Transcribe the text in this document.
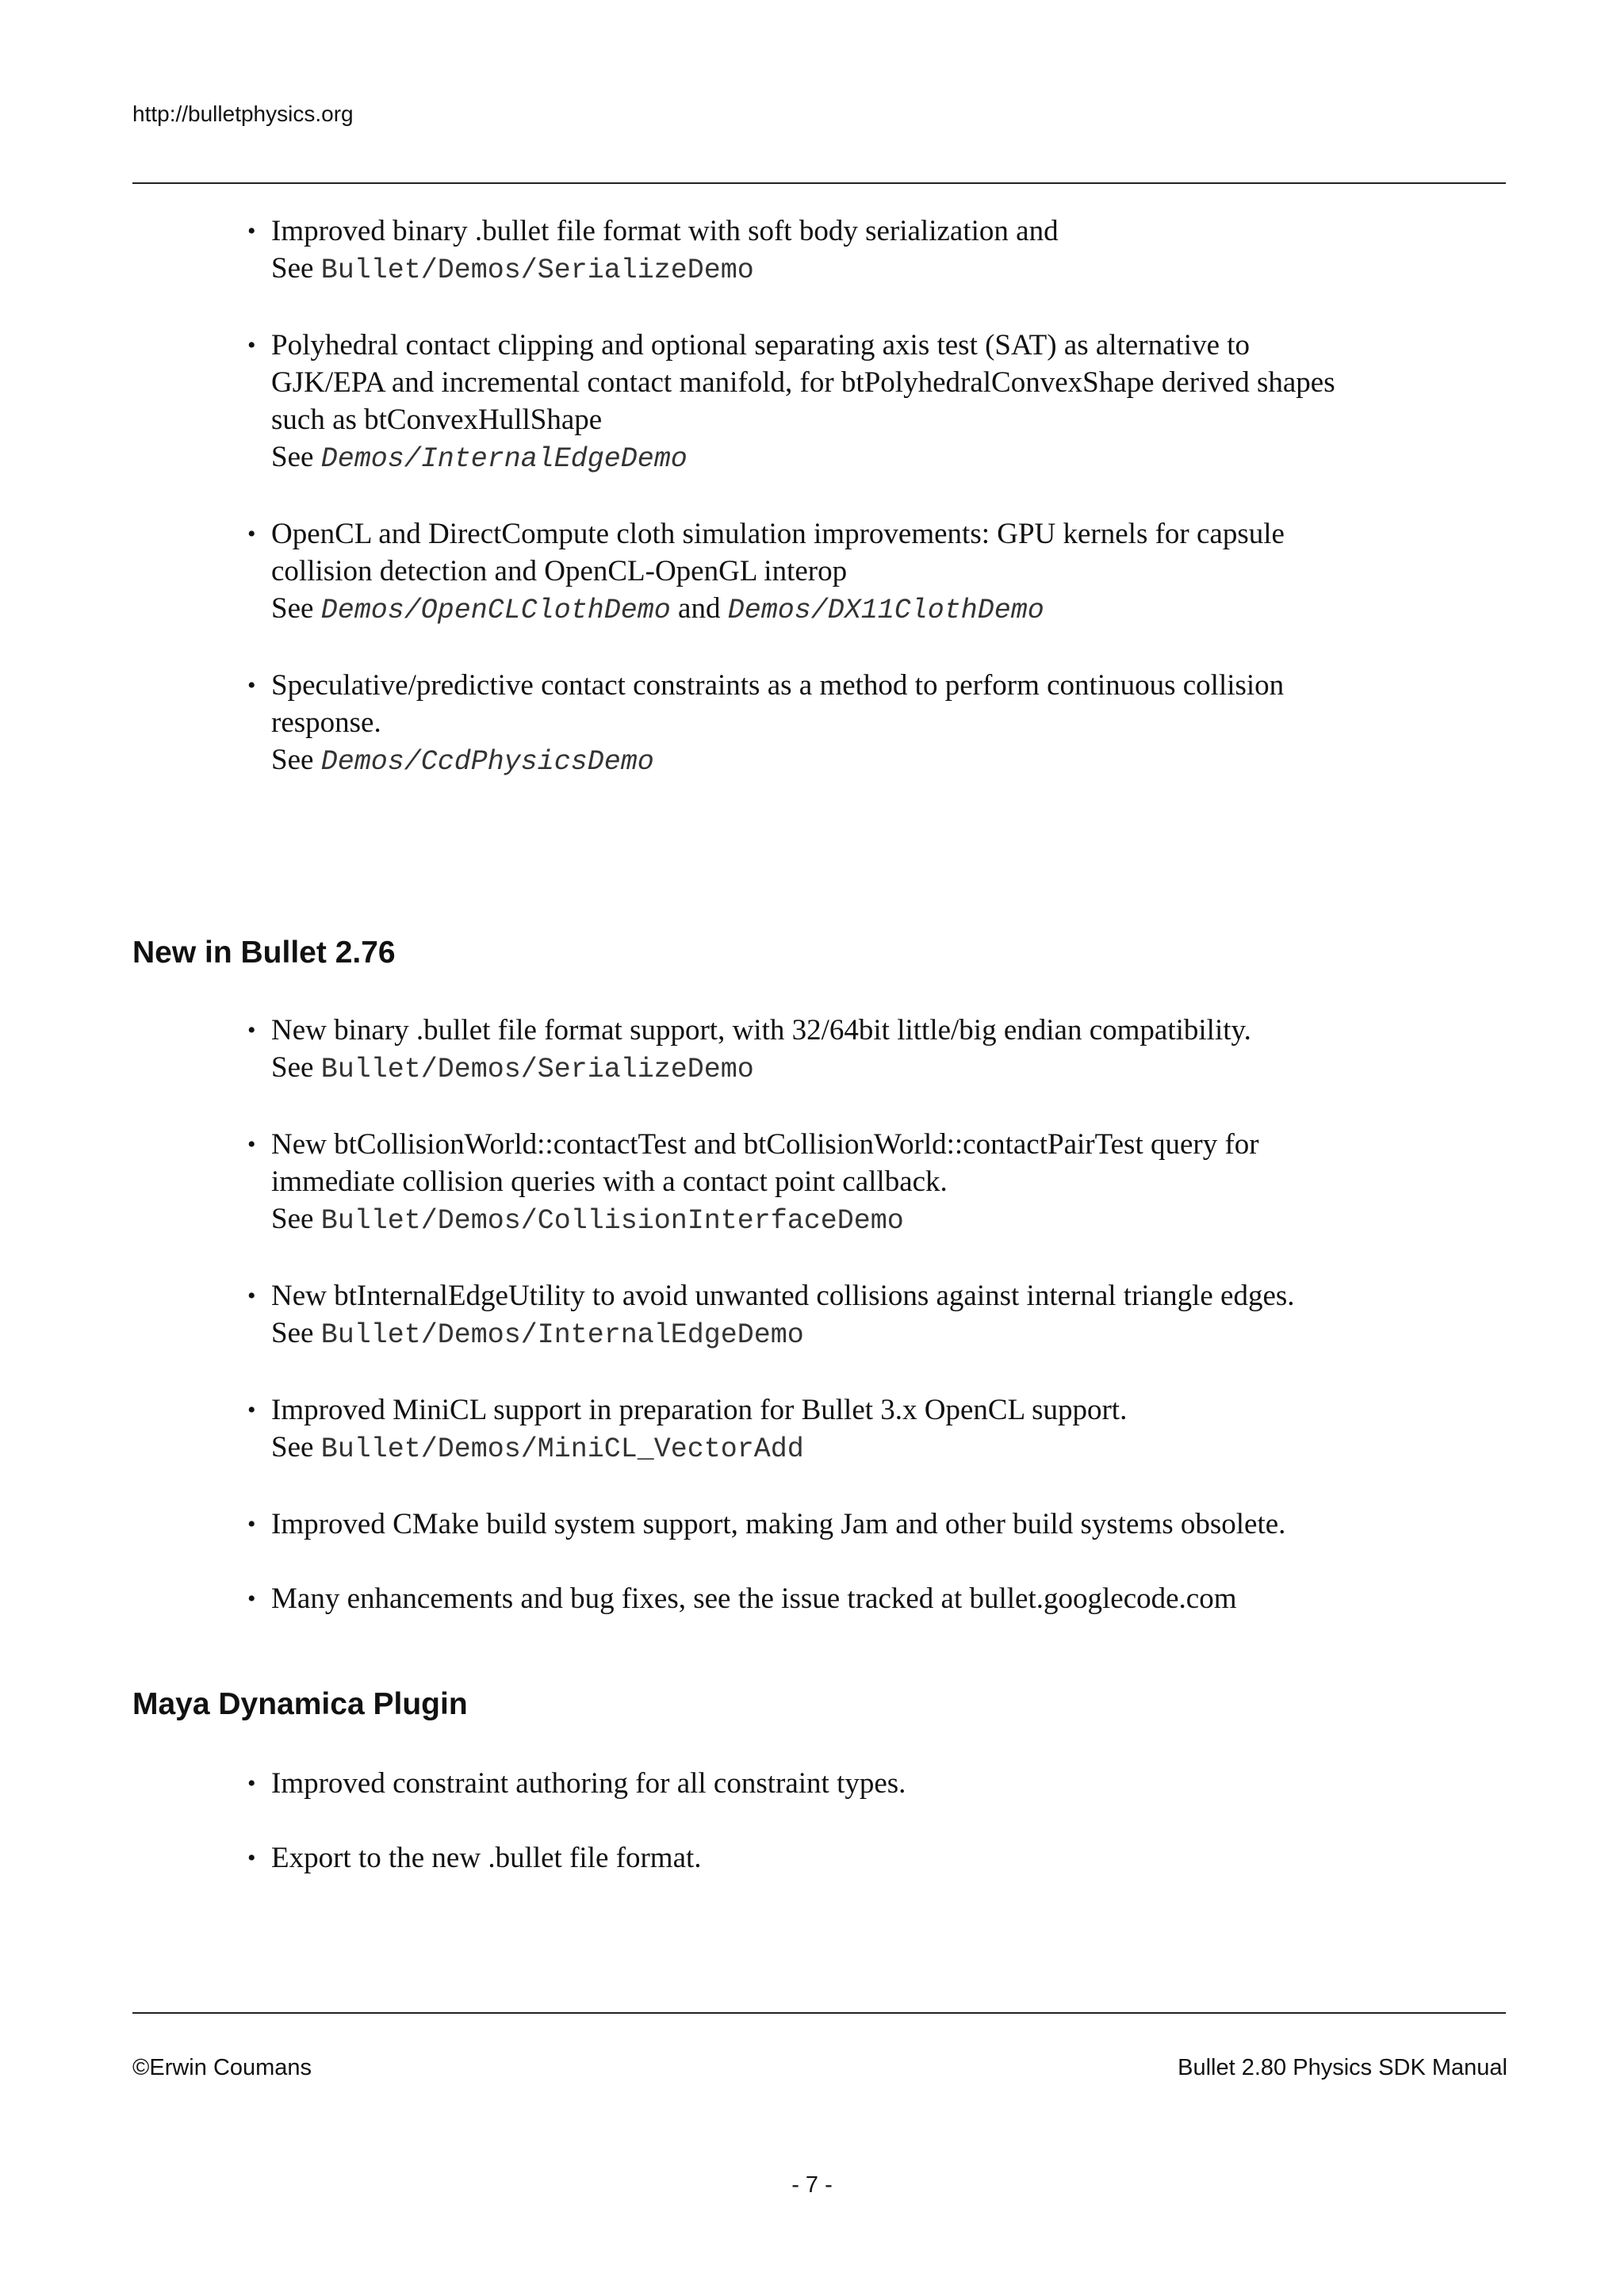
http://bulletphysics.org

• Improved binary .bullet file format with soft body serialization and

See Bullet/Demos/SerializeDemo

• Polyhedral contact clipping and optional separating axis test (SAT) as alternative to

GJK/EPA and incremental contact manifold, for btPolyhedralConvexShape derived shapes

such as btConvexHullShape

See Demos/InternalEdgeDemo

• OpenCL and DirectCompute cloth simulation improvements: GPU kernels for capsule

collision detection and OpenCL-OpenGL interop

See Demos/OpenCLClothDemo and Demos/DX11ClothDemo

• Speculative/predictive contact constraints as a method to perform continuous collision

response.

See Demos/CcdPhysicsDemo

New in Bullet 2.76

• New binary .bullet file format support, with 32/64bit little/big endian compatibility.

See Bullet/Demos/SerializeDemo

• New btCollisionWorld::contactTest and btCollisionWorld::contactPairTest query for

immediate collision queries with a contact point callback.

See Bullet/Demos/CollisionInterfaceDemo

• New btInternalEdgeUtility to avoid unwanted collisions against internal triangle edges.

See Bullet/Demos/InternalEdgeDemo

• Improved MiniCL support in preparation for Bullet 3.x OpenCL support.

See Bullet/Demos/MiniCL_VectorAdd

• Improved CMake build system support, making Jam and other build systems obsolete.

• Many enhancements and bug fixes, see the issue tracked at bullet.googlecode.com

Maya Dynamica Plugin

• Improved constraint authoring for all constraint types.

• Export to the new .bullet file format.

©Erwin Coumans	Bullet 2.80 Physics SDK Manual
- 7 -
